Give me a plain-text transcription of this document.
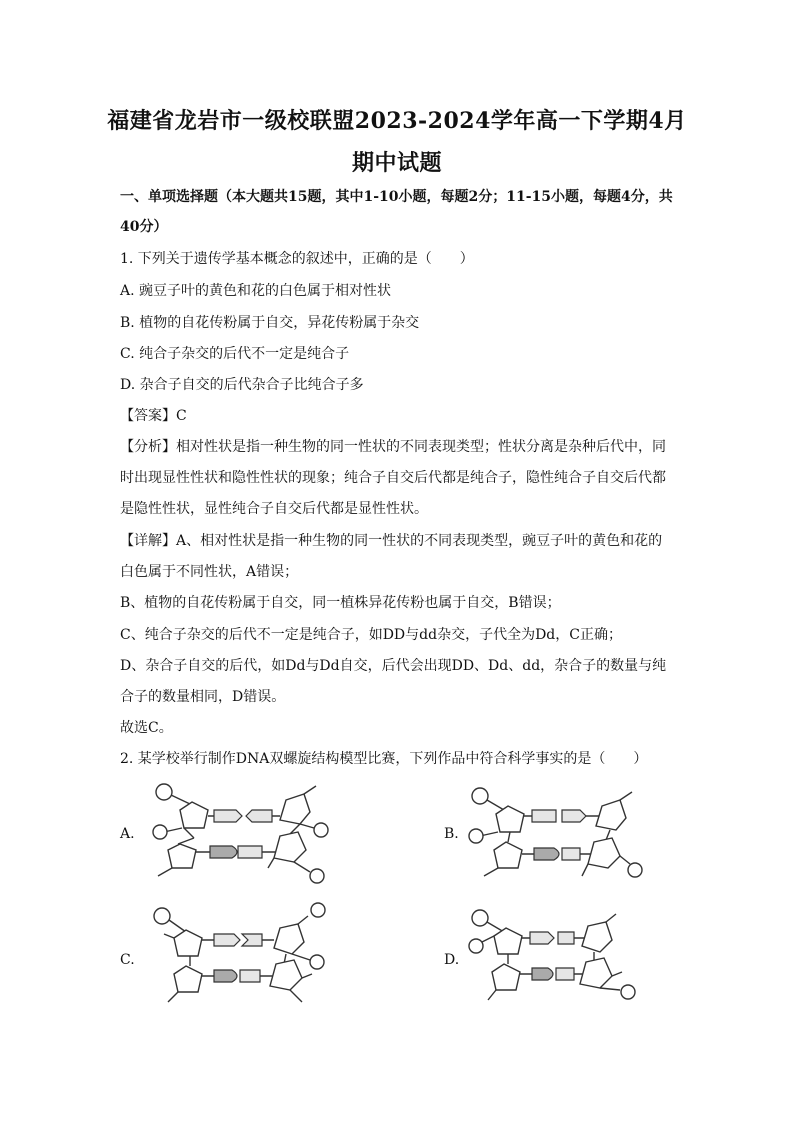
福建省龙岩市一级校联盟2023-2024学年高一下学期4月
期中试题
一、单项选择题（本大题共15题，其中1-10小题，每题2分；11-15小题，每题4分，共
40分）
1. 下列关于遗传学基本概念的叙述中，正确的是（　　）
A. 豌豆子叶的黄色和花的白色属于相对性状
B. 植物的自花传粉属于自交，异花传粉属于杂交
C. 纯合子杂交的后代不一定是纯合子
D. 杂合子自交的后代杂合子比纯合子多
【答案】C
【分析】相对性状是指一种生物的同一性状的不同表现类型；性状分离是杂种后代中，同
时出现显性性状和隐性性状的现象；纯合子自交后代都是纯合子，隐性纯合子自交后代都
是隐性性状，显性纯合子自交后代都是显性性状。
【详解】A、相对性状是指一种生物的同一性状的不同表现类型，豌豆子叶的黄色和花的
白色属于不同性状，A错误；
B、植物的自花传粉属于自交，同一植株异花传粉也属于自交，B错误；
C、纯合子杂交的后代不一定是纯合子，如DD与dd杂交，子代全为Dd，C正确；
D、杂合子自交的后代，如Dd与Dd自交，后代会出现DD、Dd、dd，杂合子的数量与纯
合子的数量相同，D错误。
故选C。
2. 某学校举行制作DNA双螺旋结构模型比赛，下列作品中符合科学事实的是（　　）
A.	B.
C.	D.
